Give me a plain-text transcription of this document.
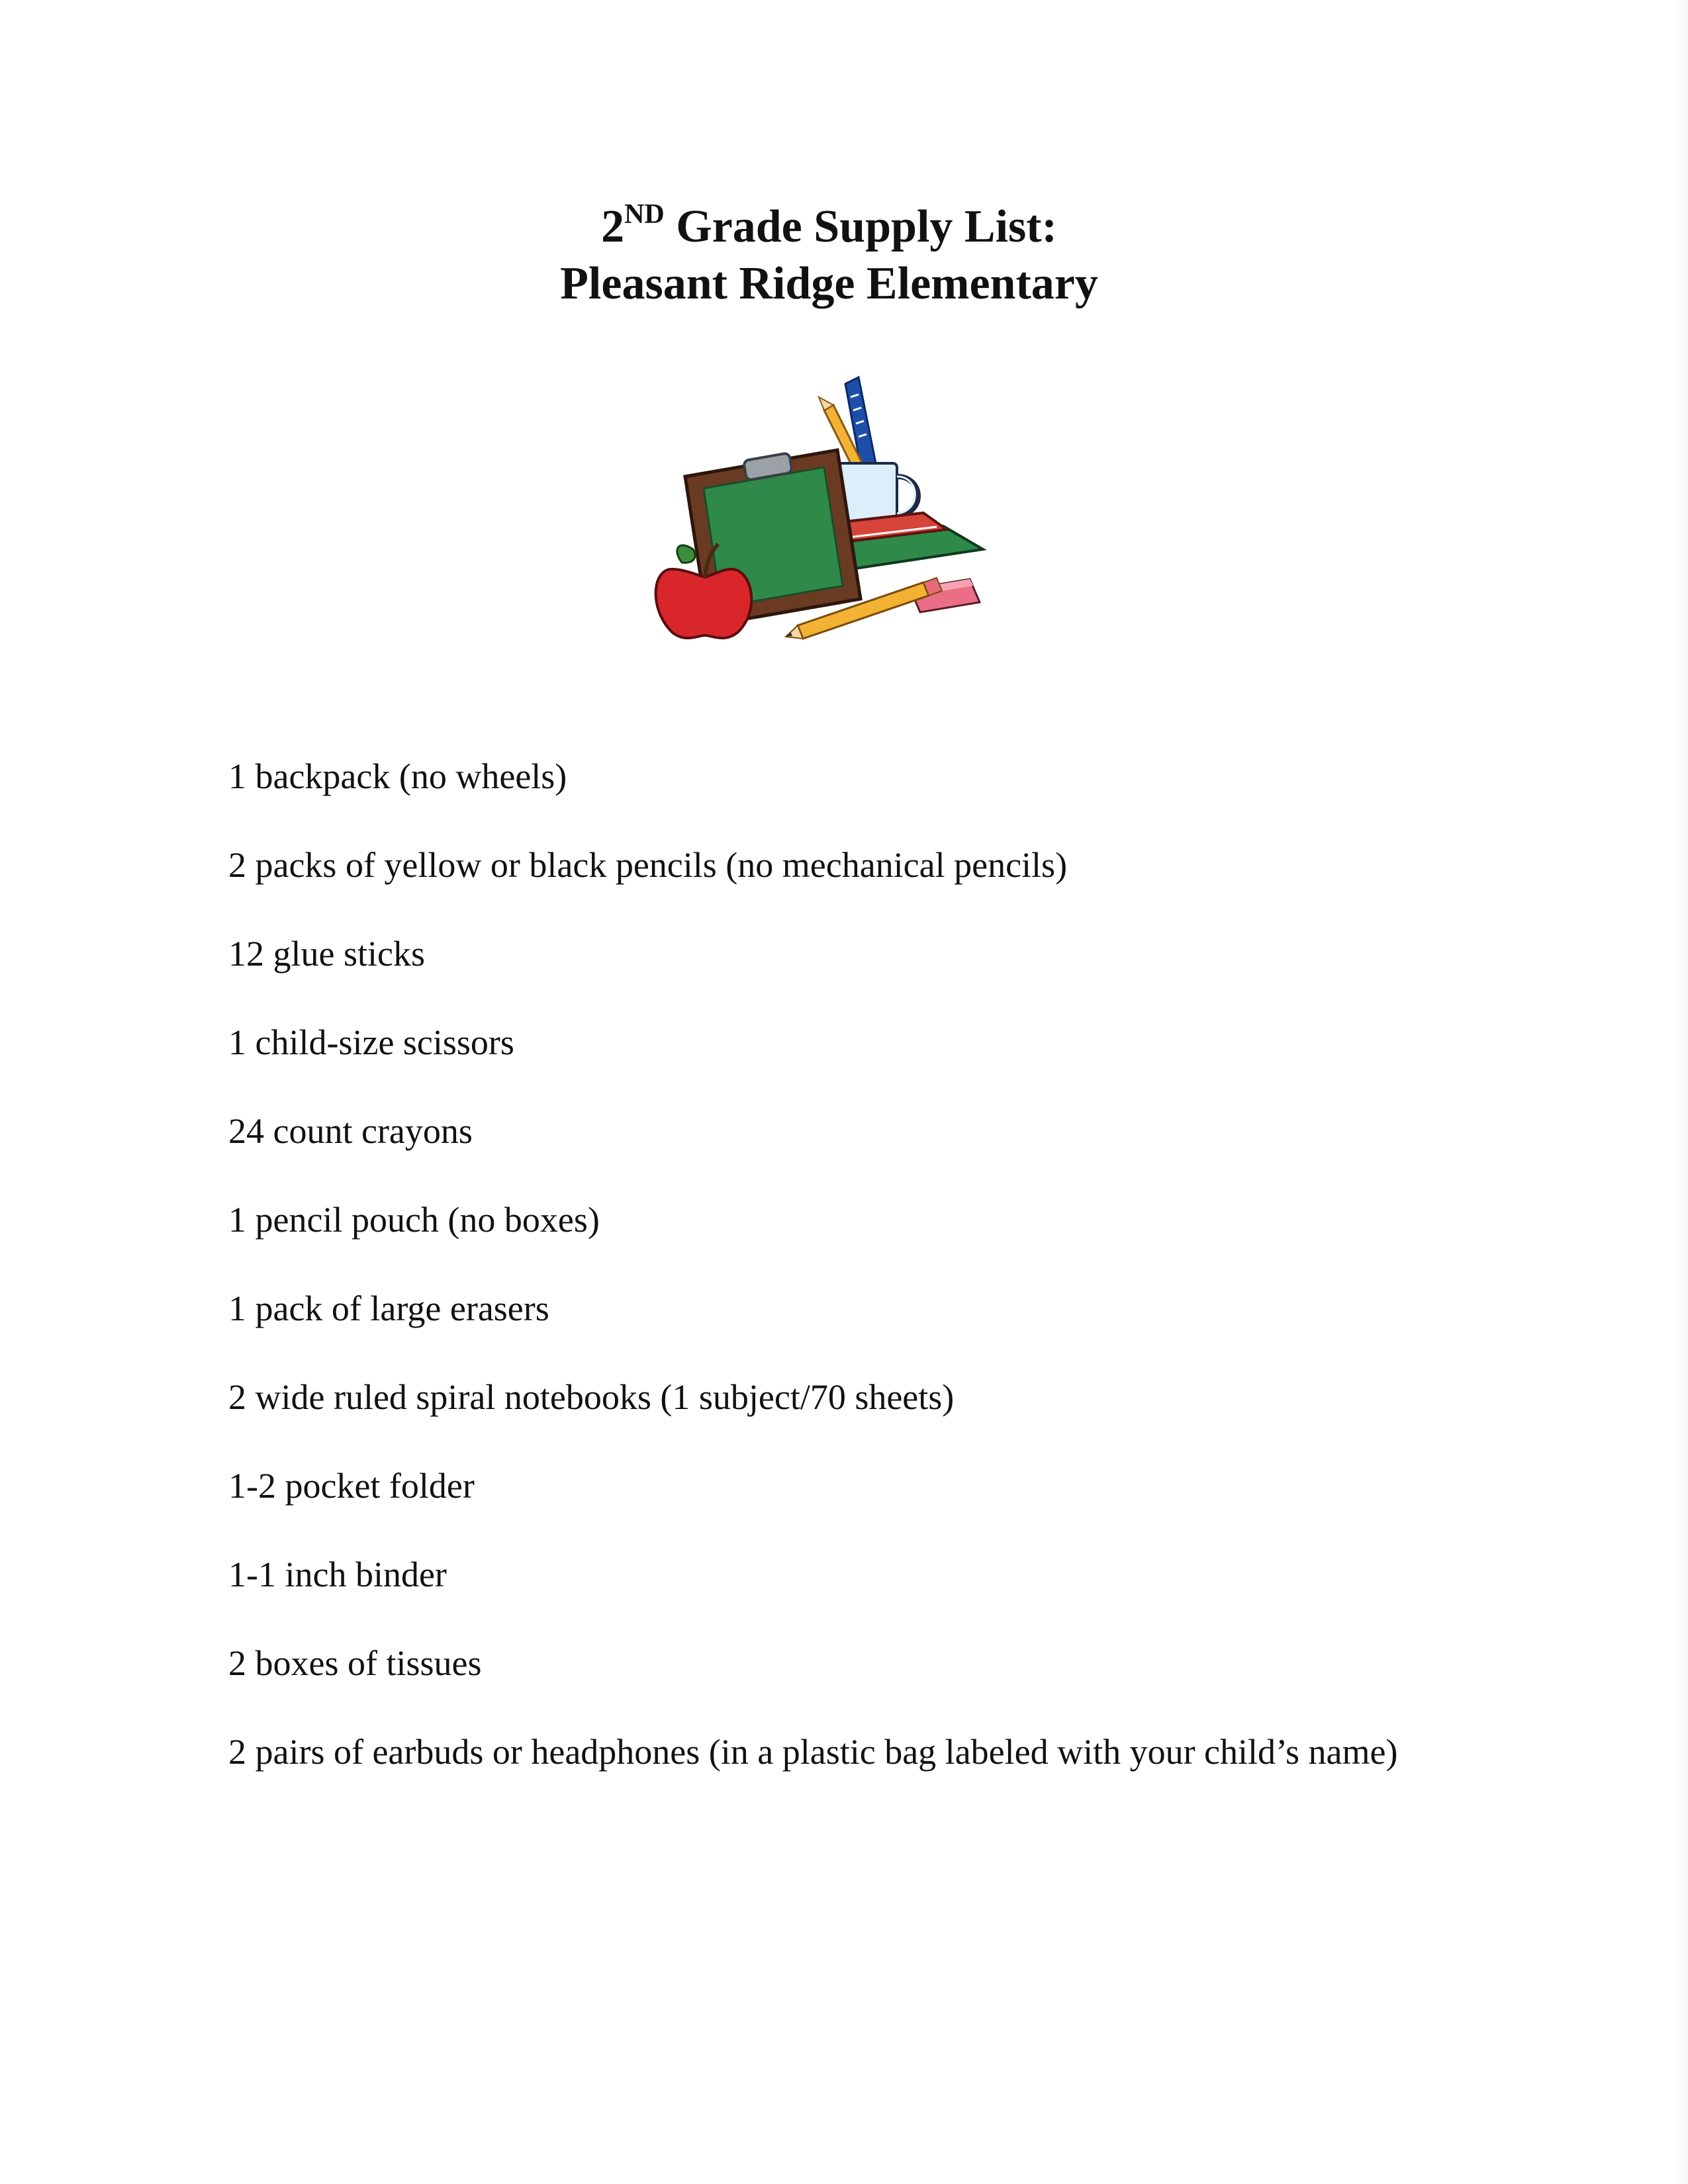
2ND Grade Supply List:
Pleasant Ridge Elementary
1 backpack (no wheels)
2 packs of yellow or black pencils (no mechanical pencils)
12 glue sticks
1 child-size scissors
24 count crayons
1 pencil pouch (no boxes)
1 pack of large erasers
2 wide ruled spiral notebooks (1 subject/70 sheets)
1-2 pocket folder
1-1 inch binder
2 boxes of tissues
2 pairs of earbuds or headphones (in a plastic bag labeled with your child’s name)
